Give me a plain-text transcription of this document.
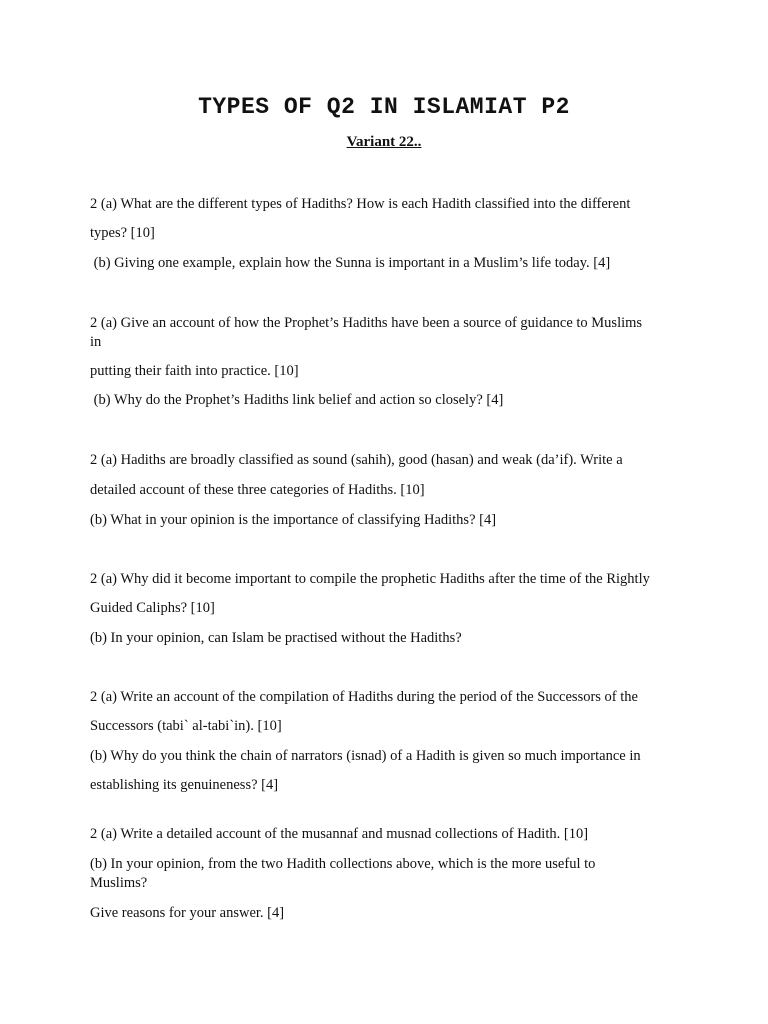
TYPES OF Q2 IN ISLAMIAT P2
Variant 22..
2 (a) What are the different types of Hadiths? How is each Hadith classified into the different
types? [10]
(b) Giving one example, explain how the Sunna is important in a Muslim’s life today. [4]
2 (a) Give an account of how the Prophet’s Hadiths have been a source of guidance to Muslims
in
putting their faith into practice. [10]
(b) Why do the Prophet’s Hadiths link belief and action so closely? [4]
2 (a) Hadiths are broadly classified as sound (sahih), good (hasan) and weak (da’if). Write a
detailed account of these three categories of Hadiths. [10]
(b) What in your opinion is the importance of classifying Hadiths? [4]
2 (a) Why did it become important to compile the prophetic Hadiths after the time of the Rightly
Guided Caliphs? [10]
(b) In your opinion, can Islam be practised without the Hadiths?
2 (a) Write an account of the compilation of Hadiths during the period of the Successors of the
Successors (tabi` al-tabi`in). [10]
(b) Why do you think the chain of narrators (isnad) of a Hadith is given so much importance in
establishing its genuineness? [4]
2 (a) Write a detailed account of the musannaf and musnad collections of Hadith. [10]
(b) In your opinion, from the two Hadith collections above, which is the more useful to
Muslims?
Give reasons for your answer. [4]
